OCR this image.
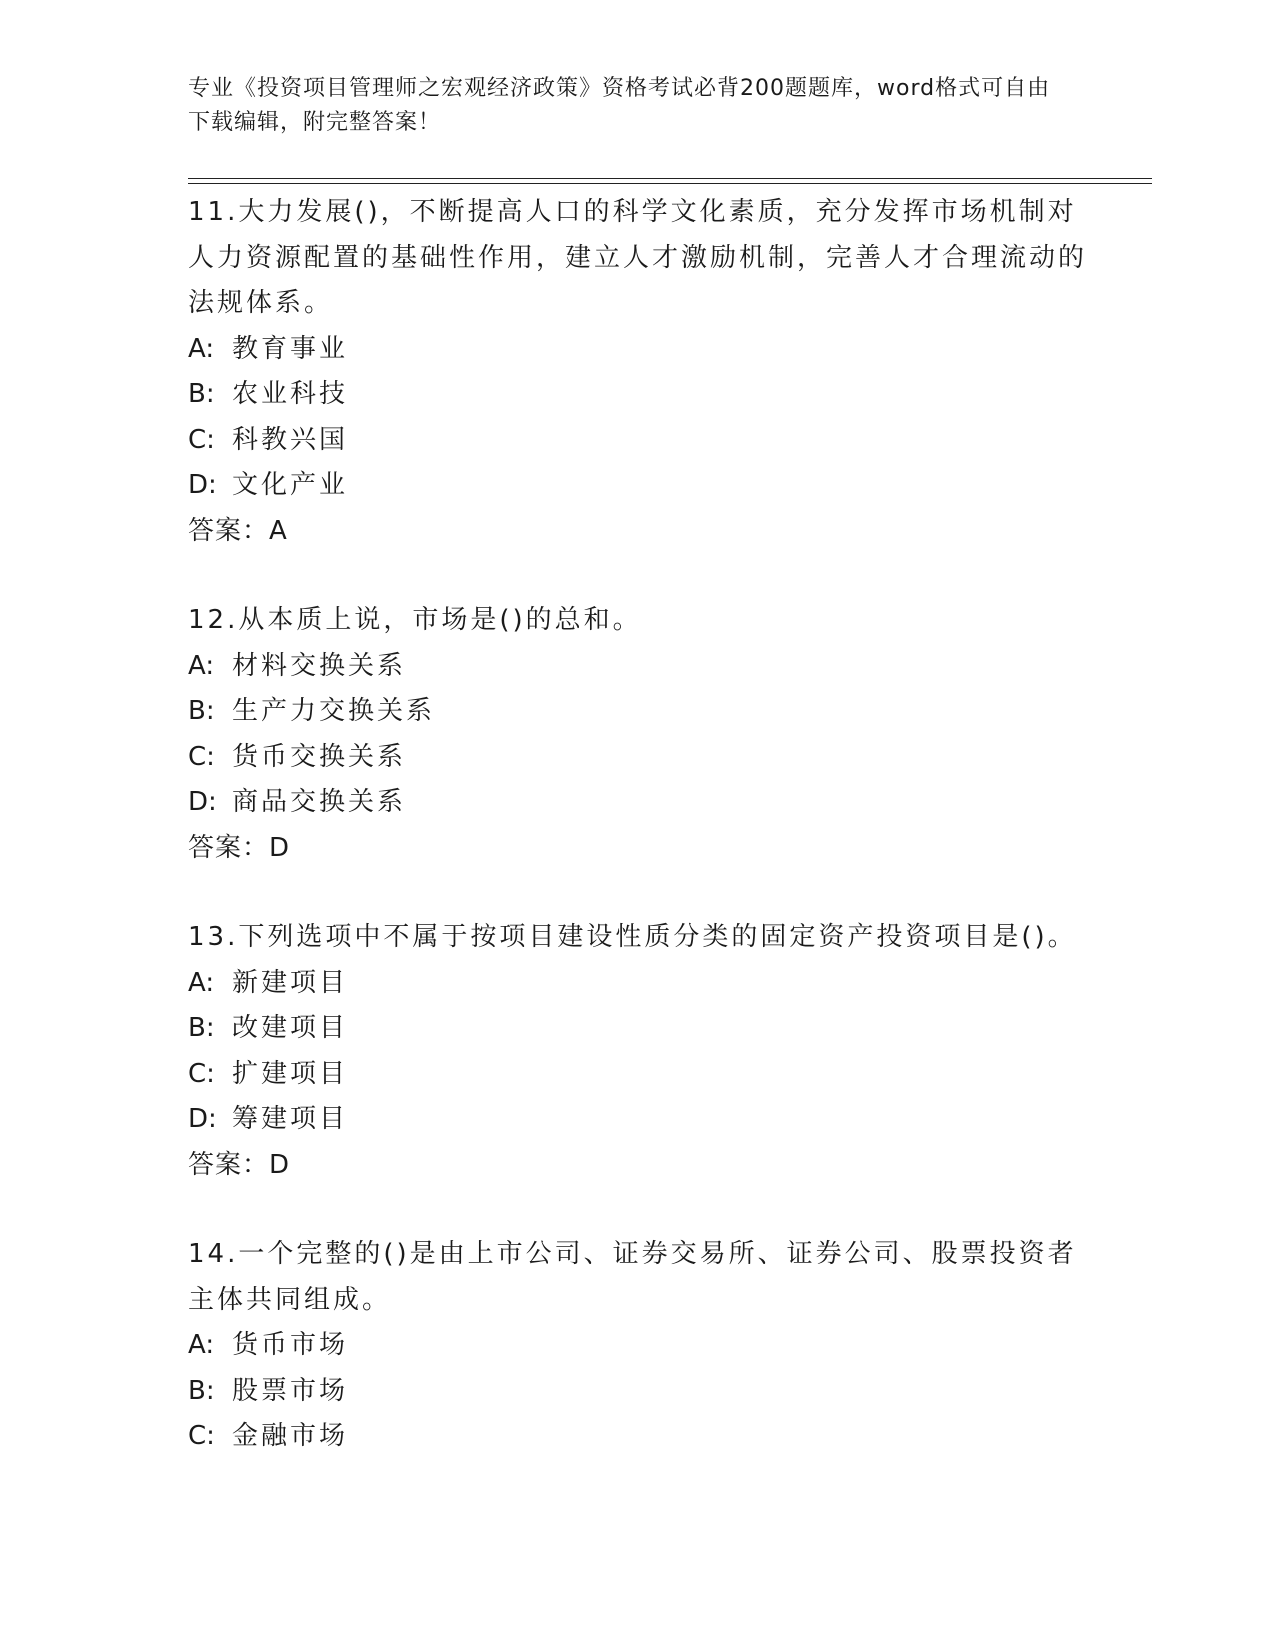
专业《投资项目管理师之宏观经济政策》资格考试必背200题题库，word格式可自由下载编辑，附完整答案！

11.大力发展()，不断提高人口的科学文化素质，充分发挥市场机制对人力资源配置的基础性作用，建立人才激励机制，完善人才合理流动的法规体系。

A: 教育事业

B: 农业科技

C: 科教兴国

D: 文化产业

答案：A

12.从本质上说，市场是()的总和。

A: 材料交换关系

B: 生产力交换关系

C: 货币交换关系

D: 商品交换关系

答案：D

13.下列选项中不属于按项目建设性质分类的固定资产投资项目是()。

A: 新建项目

B: 改建项目

C: 扩建项目

D: 筹建项目

答案：D

14.一个完整的()是由上市公司、证券交易所、证券公司、股票投资者主体共同组成。

A: 货币市场

B: 股票市场

C: 金融市场
